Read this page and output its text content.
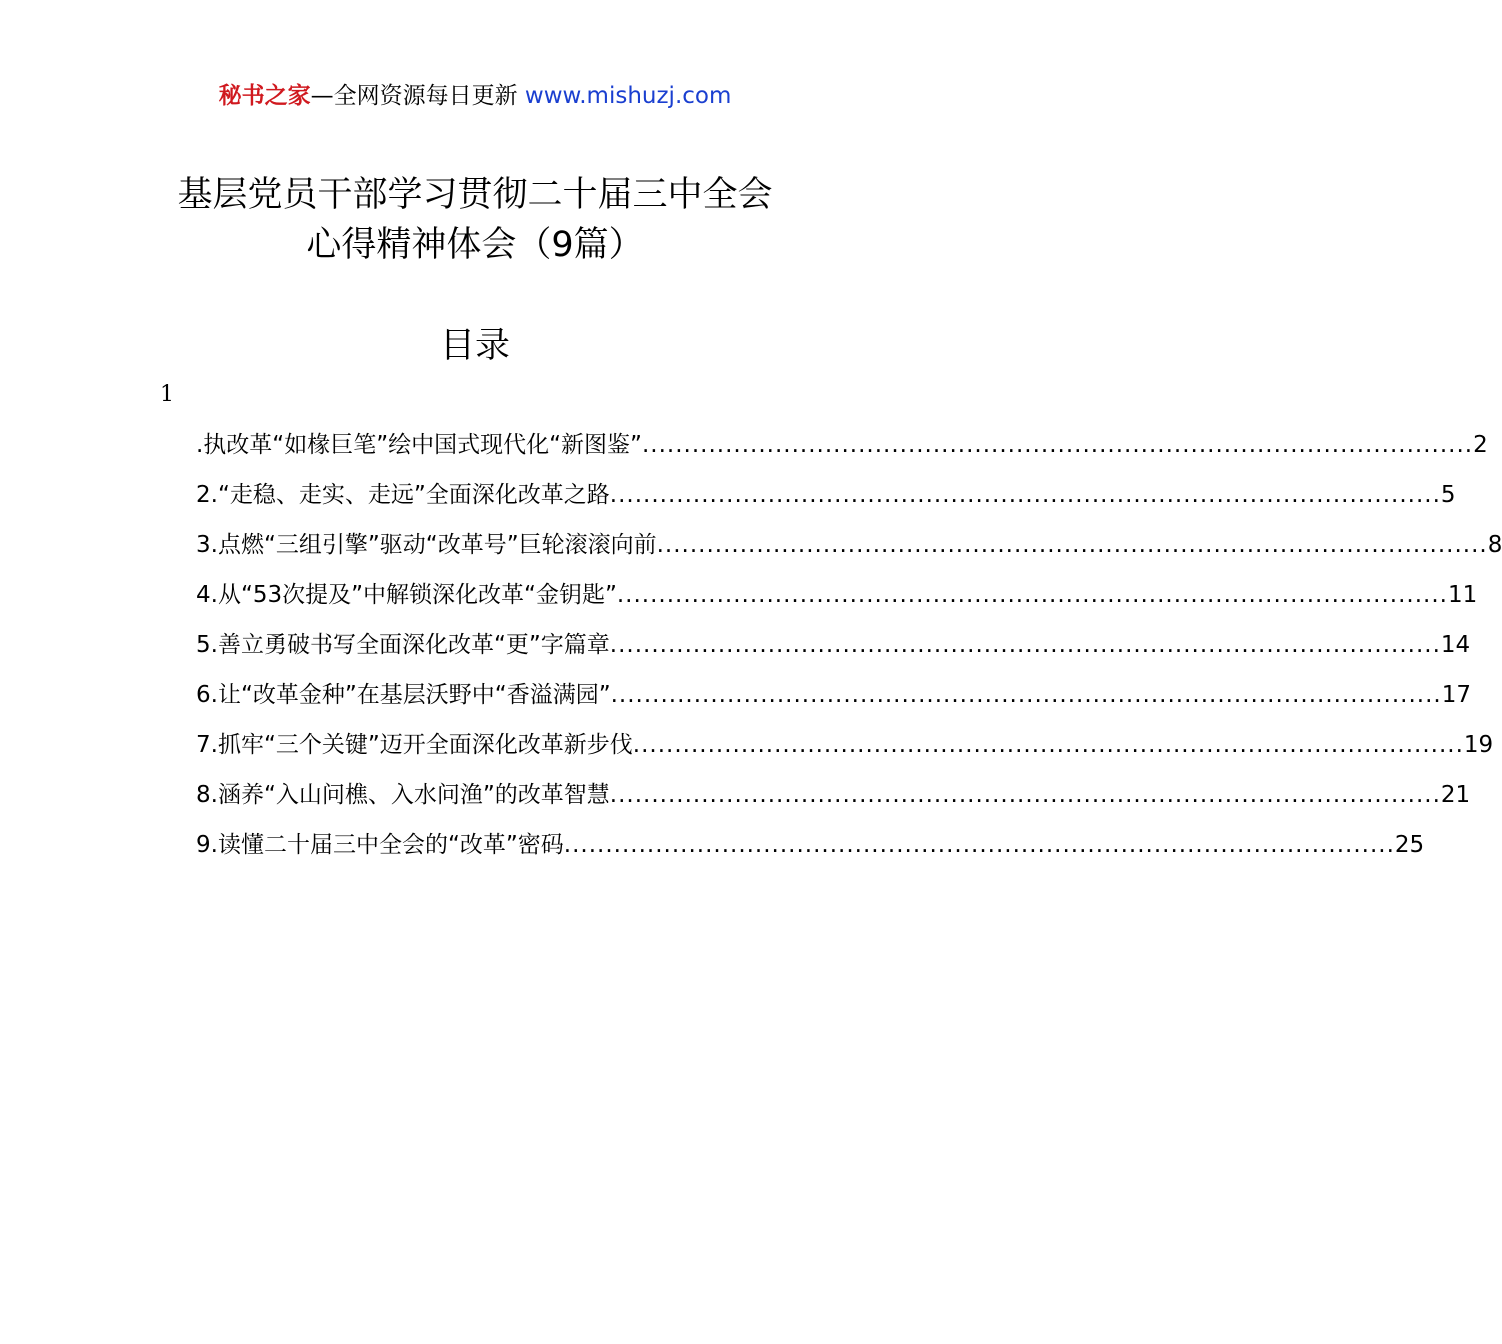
秘书之家—全网资源每日更新 www.mishuzj.com
基层党员干部学习贯彻二十届三中全会
心得精神体会（9篇）
目录
1
.执改革“如椽巨笔”绘中国式现代化“新图鉴” .....	2
2.“走稳、走实、走远”全面深化改革之路 .....	5
3.点燃“三组引擎”驱动“改革号”巨轮滚滚向前 .....	8
4.从“53次提及”中解锁深化改革“金钥匙” .....	11
5.善立勇破书写全面深化改革“更”字篇章 .....	14
6.让“改革金种”在基层沃野中“香溢满园” .....	17
7.抓牢“三个关键”迈开全面深化改革新步伐 .....	19
8.涵养“入山问樵、入水问渔”的改革智慧 .....	21
9.读懂二十届三中全会的“改革”密码 .....	25
